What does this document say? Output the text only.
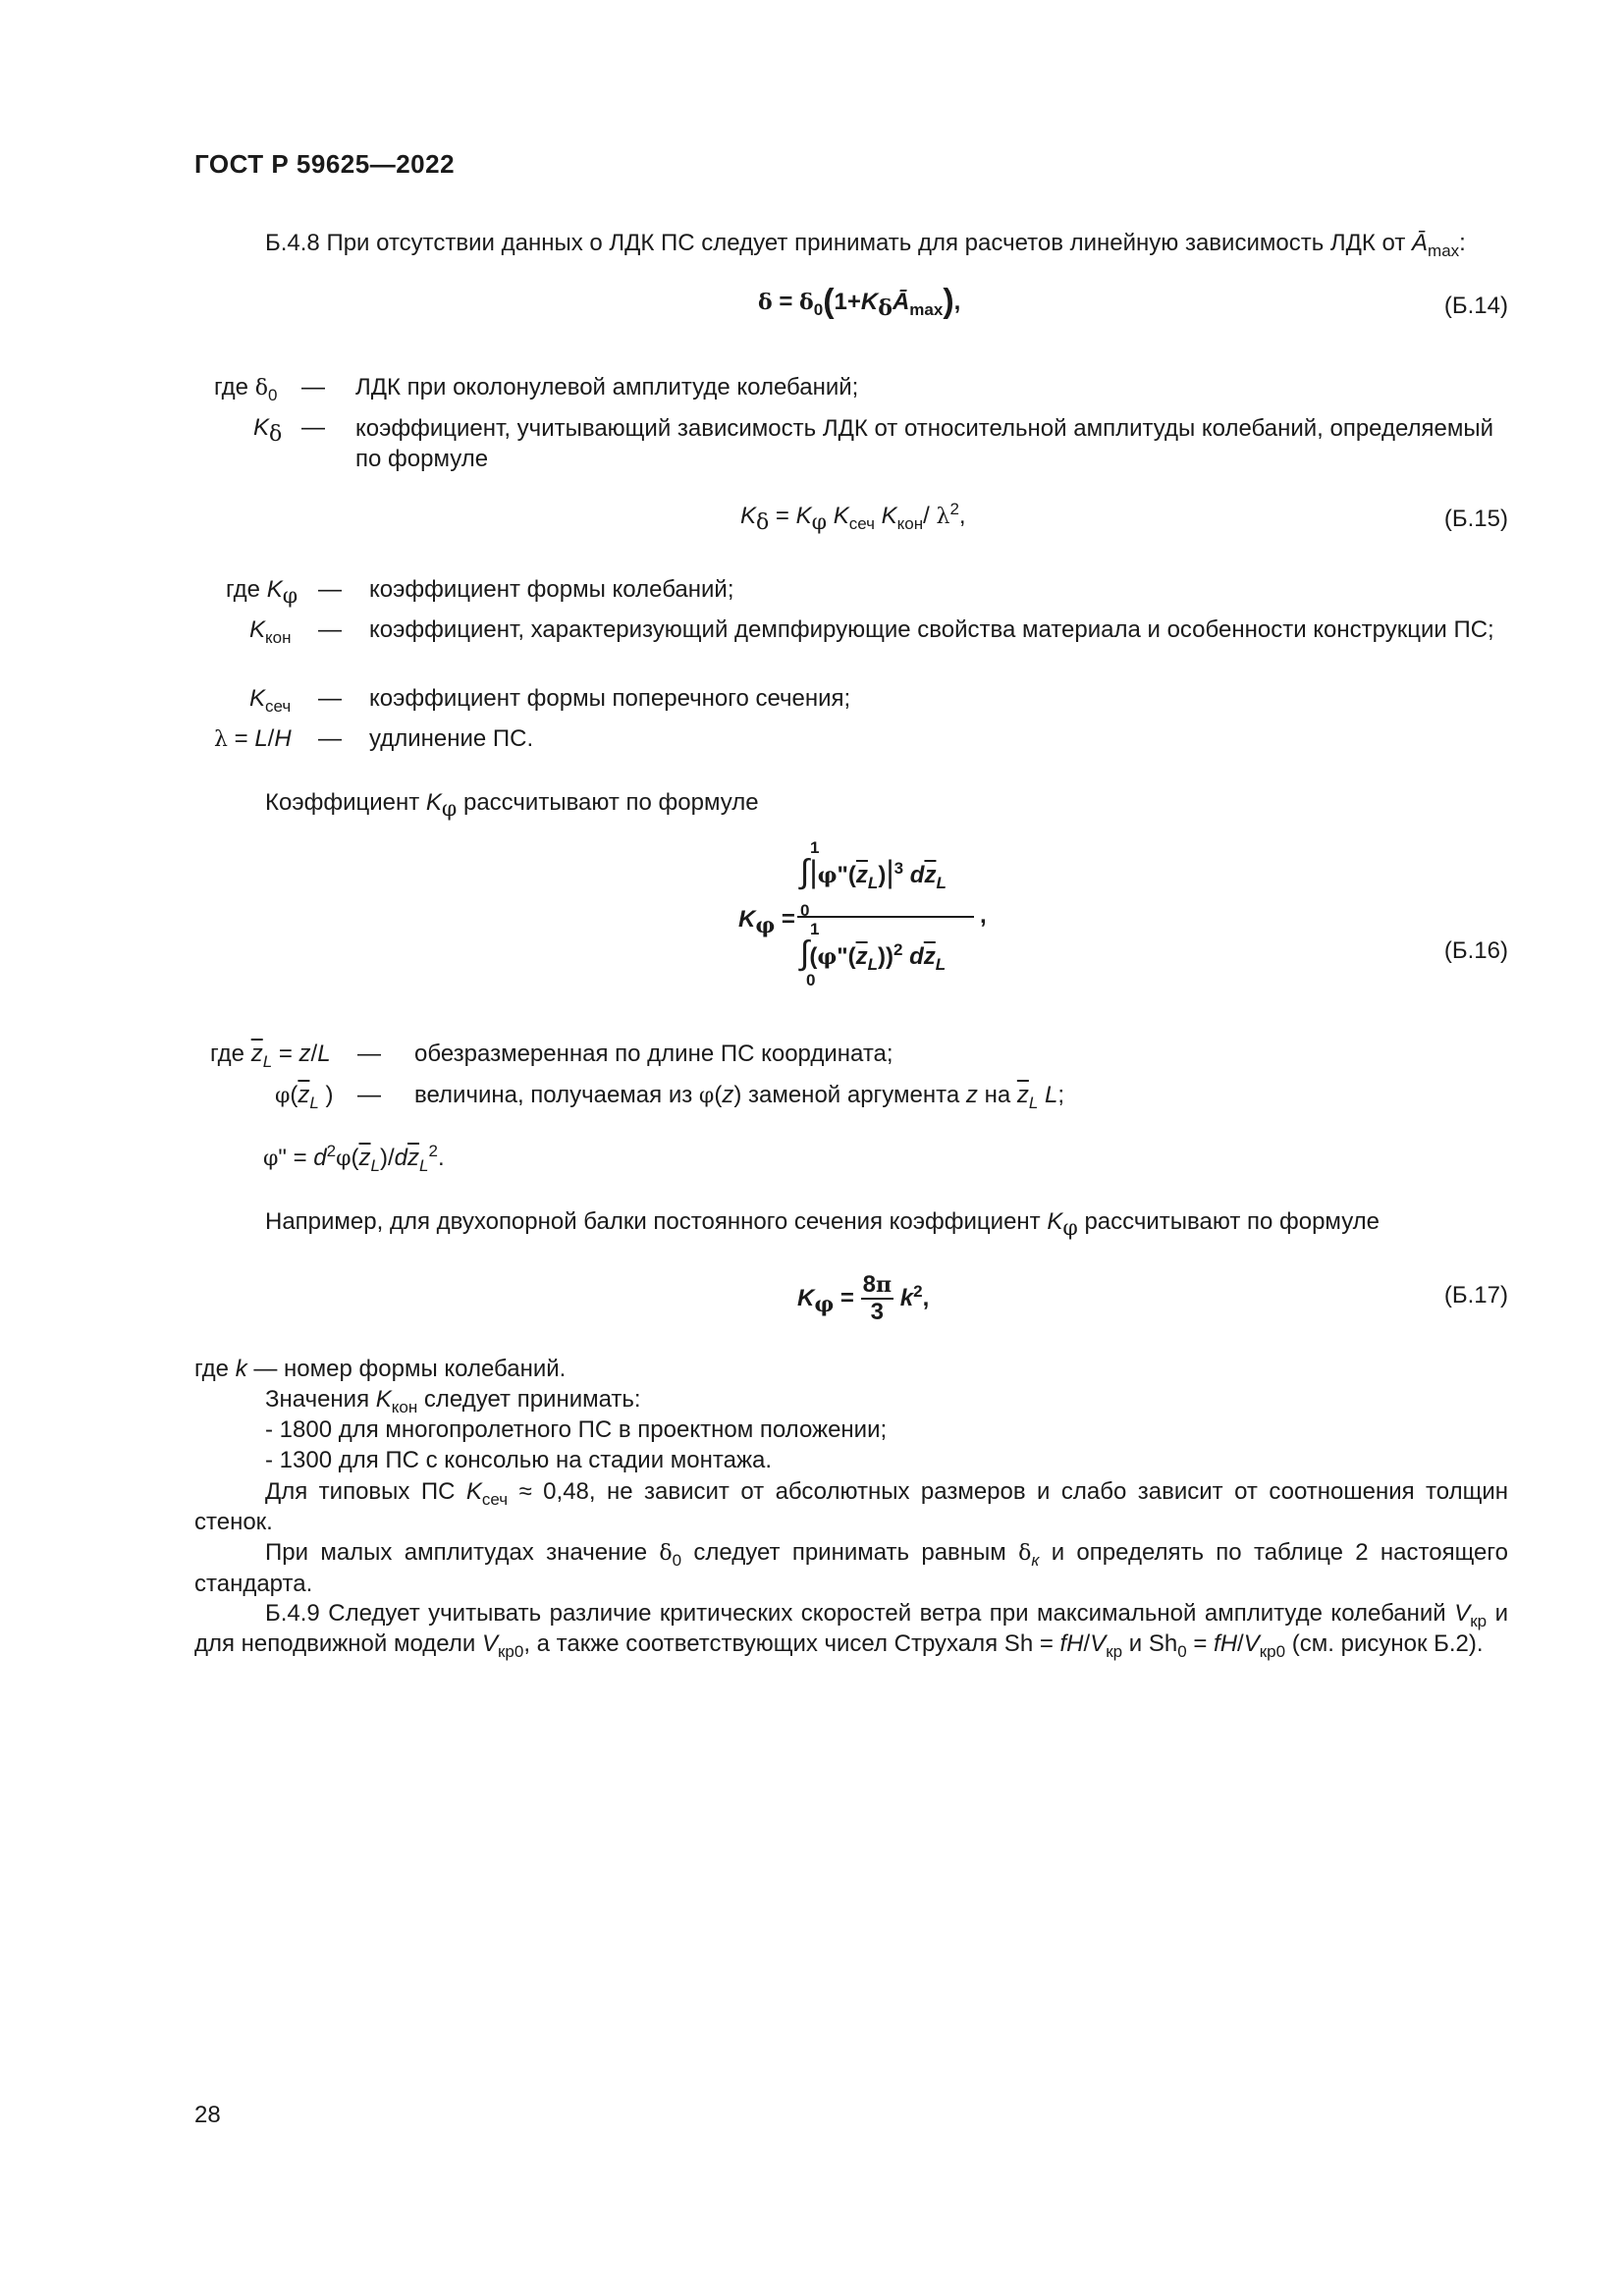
ГОСТ Р 59625—2022
Б.4.8 При отсутствии данных о ЛДК ПС следует принимать для расчетов линейную зависимость ЛДК от $Ā_{max}$:
$\delta = \delta_0(1+K_\delta Ā_{max})$,	(Б.14)
где $\delta_0$ — ЛДК при околонулевой амплитуде колебаний;
$K_\delta$ — коэффициент, учитывающий зависимость ЛДК от относительной амплитуды колебаний, определяемый по формуле
$K_\delta = K_\varphi$ $K_{сеч}$ $K_{кон}/$ $\lambda^2$,	(Б.15)
где $K_\varphi$ — коэффициент формы колебаний;
$K_{кон}$ — коэффициент, характеризующий демпфирующие свойства материала и особенности конструкции ПС;
$K_{сеч}$ — коэффициент формы поперечного сечения;
λ = L/H — удлинение ПС.
Коэффициент $K_\varphi$ рассчитывают по формуле
$K_\varphi$ =
1
$\int|\varphi"(\overline{z}_L)|^3$ $d\overline{z}_L$
,
0
1
$\int(\varphi"(\overline{z}_L))^2$ $d\overline{z}_L$
0
(Б.16)
где $\overline{z}_L = z/L$ — обезразмеренная по длине ПС координата;
$\varphi(\overline{z}_L$ ) — величина, получаемая из φ(z) заменой аргумента z на $\overline{z}_L$ L;
φ" = $d^2\varphi(\overline{z}_L)/d\overline{z}_L^2$.
Например, для двухопорной балки постоянного сечения коэффициент $K_\varphi$ рассчитывают по формуле
$K_\varphi = \frac{8\pi}{3} k^2$,	(Б.17)
где k — номер формы колебаний.
Значения $K_{кон}$ следует принимать:
- 1800 для многопролетного ПС в проектном положении;
- 1300 для ПС с консолью на стадии монтажа.
Для типовых ПС $K_{сеч} \approx 0,48$, не зависит от абсолютных размеров и слабо зависит от соотношения толщин стенок.
При малых амплитудах значение $\delta_0$ следует принимать равным $\delta_к$ и определять по таблице 2 настоящего стандарта.
Б.4.9 Следует учитывать различие критических скоростей ветра при максимальной амплитуде колебаний $V_{кр}$ и для неподвижной модели $V_{кр0}$, а также соответствующих чисел Струхаля $Sh = fH/V_{кр}$ и $Sh_0 = fH/V_{кр0}$ (см. рисунок Б.2).
28
